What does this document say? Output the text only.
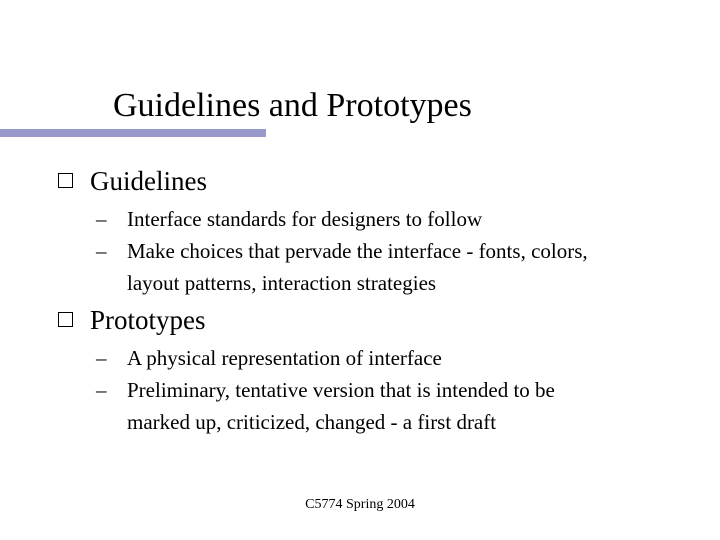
Guidelines and Prototypes
Guidelines
– Interface standards for designers to follow
– Make choices that pervade the interface - fonts, colors,
layout patterns, interaction strategies
Prototypes
– A physical representation of interface
– Preliminary, tentative version that is intended to be
marked up, criticized, changed - a first draft
C5774 Spring 2004
